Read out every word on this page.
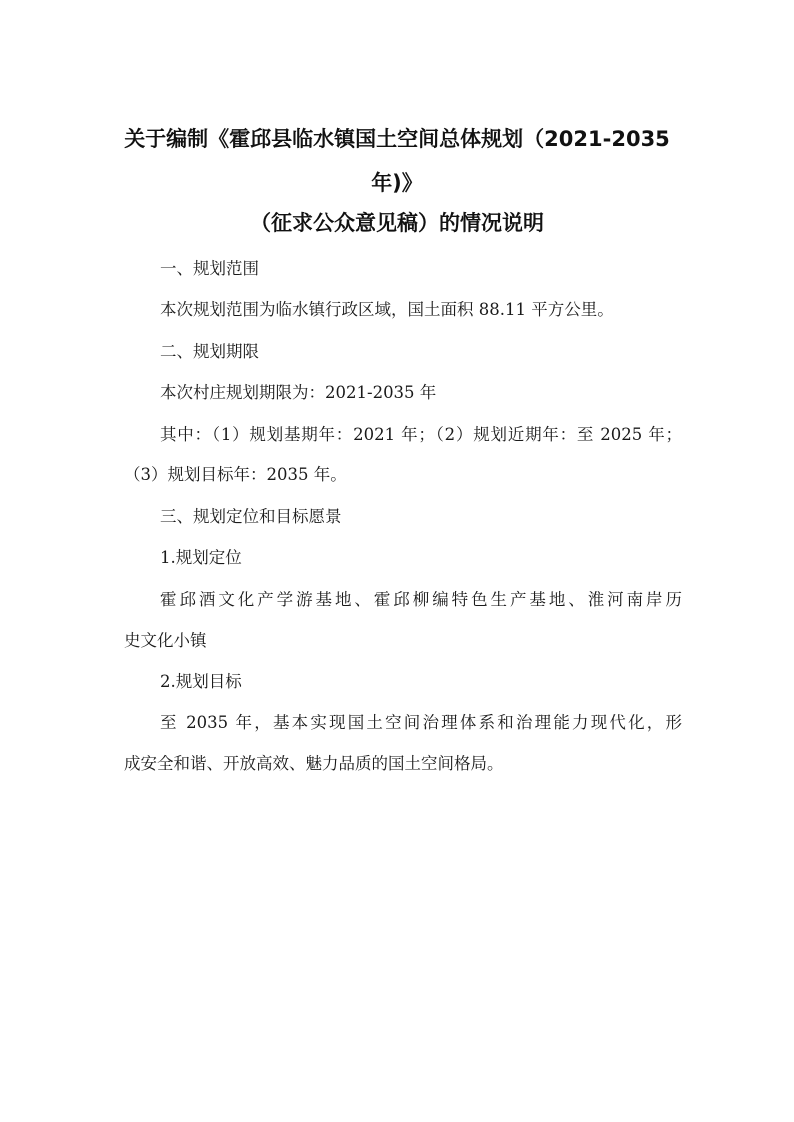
关于编制《霍邱县临水镇国土空间总体规划（2021-2035
年)》
（征求公众意见稿）的情况说明
一、规划范围
本次规划范围为临水镇行政区域，国土面积 88.11 平方公里。
二、规划期限
本次村庄规划期限为：2021-2035 年
其中：（1）规划基期年：2021 年；（2）规划近期年：至 2025 年；
（3）规划目标年：2035 年。
三、规划定位和目标愿景
1.规划定位
霍邱酒文化产学游基地、霍邱柳编特色生产基地、淮河南岸历
史文化小镇
2.规划目标
至 2035 年，基本实现国土空间治理体系和治理能力现代化，形
成安全和谐、开放高效、魅力品质的国土空间格局。
